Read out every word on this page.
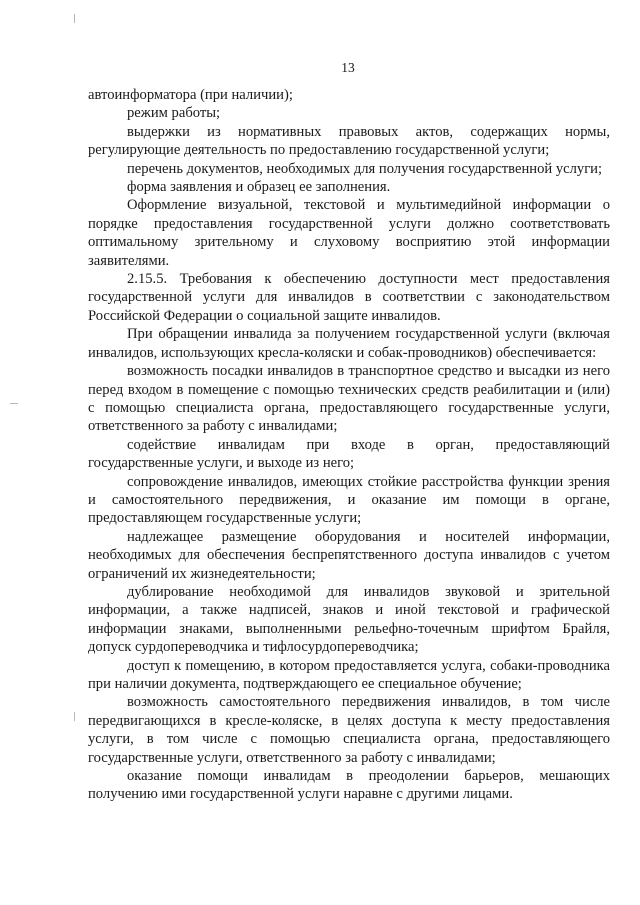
13

автоинформатора (при наличии);

режим работы;

выдержки из нормативных правовых актов, содержащих нормы, регулирующие деятельность по предоставлению государственной услуги;

перечень документов, необходимых для получения государственной услуги;

форма заявления и образец ее заполнения.

Оформление визуальной, текстовой и мультимедийной информации о порядке предоставления государственной услуги должно соответствовать оптимальному зрительному и слуховому восприятию этой информации заявителями.

2.15.5. Требования к обеспечению доступности мест предоставления государственной услуги для инвалидов в соответствии с законодательством Российской Федерации о социальной защите инвалидов.

При обращении инвалида за получением государственной услуги (включая инвалидов, использующих кресла-коляски и собак-проводников) обеспечивается:

возможность посадки инвалидов в транспортное средство и высадки из него перед входом в помещение с помощью технических средств реабилитации и (или) с помощью специалиста органа, предоставляющего государственные услуги, ответственного за работу с инвалидами;

содействие инвалидам при входе в орган, предоставляющий государственные услуги, и выходе из него;

сопровождение инвалидов, имеющих стойкие расстройства функции зрения и самостоятельного передвижения, и оказание им помощи в органе, предоставляющем государственные услуги;

надлежащее размещение оборудования и носителей информации, необходимых для обеспечения беспрепятственного доступа инвалидов с учетом ограничений их жизнедеятельности;

дублирование необходимой для инвалидов звуковой и зрительной информации, а также надписей, знаков и иной текстовой и графической информации знаками, выполненными рельефно-точечным шрифтом Брайля, допуск сурдопереводчика и тифлосурдопереводчика;

доступ к помещению, в котором предоставляется услуга, собаки-проводника при наличии документа, подтверждающего ее специальное обучение;

возможность самостоятельного передвижения инвалидов, в том числе передвигающихся в кресле-коляске, в целях доступа к месту предоставления услуги, в том числе с помощью специалиста органа, предоставляющего государственные услуги, ответственного за работу с инвалидами;

оказание помощи инвалидам в преодолении барьеров, мешающих получению ими государственной услуги наравне с другими лицами.
